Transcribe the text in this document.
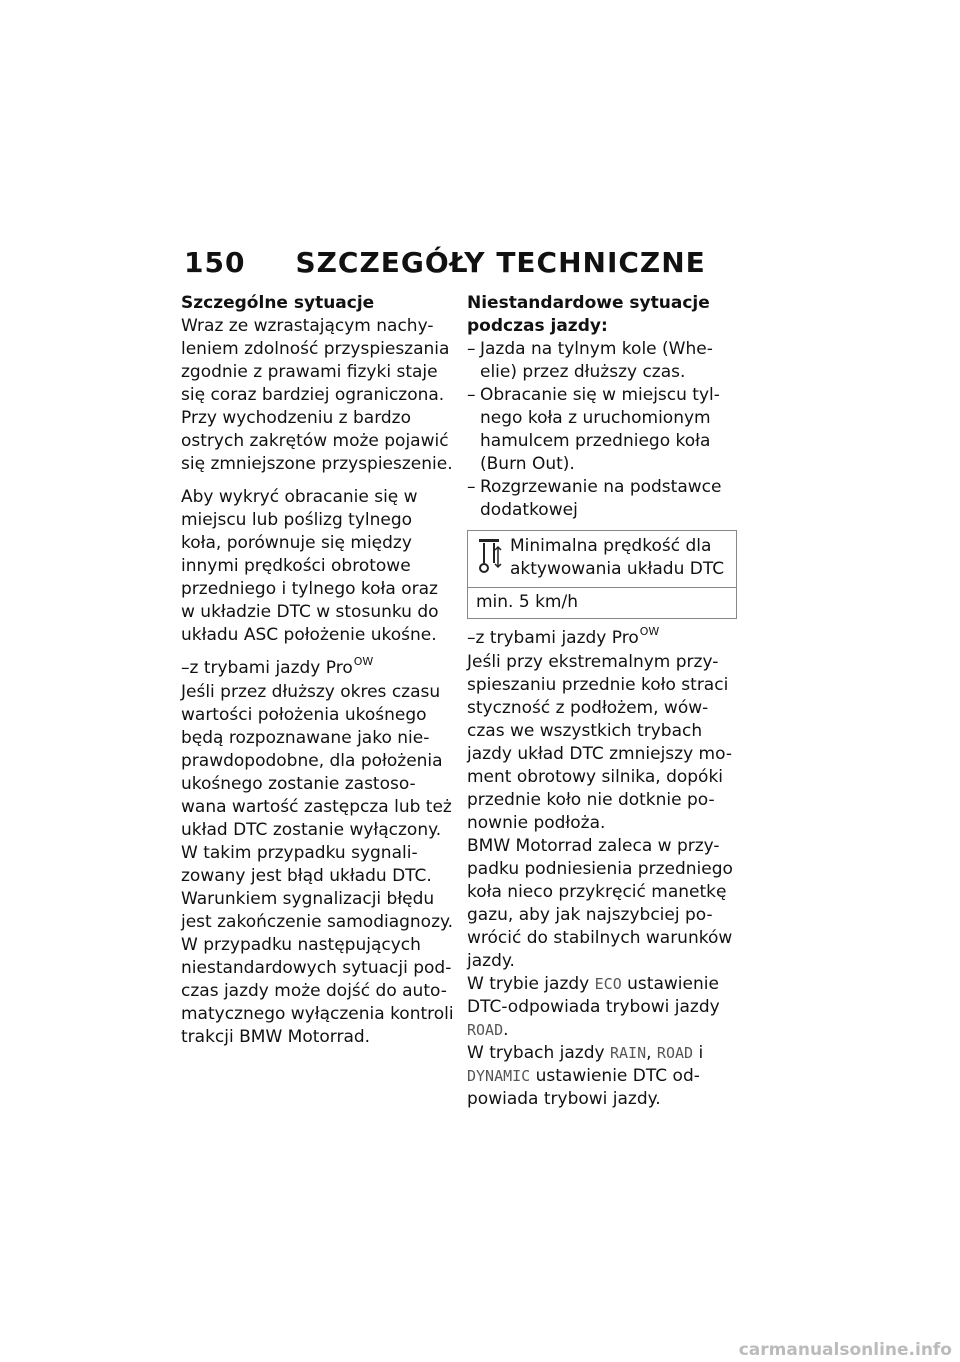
150 SZCZEGÓŁY TECHNICZNE

Szczególne sytuacje

Wraz ze wzrastającym nachy-leniem zdolność przyspieszania zgodnie z prawami fizyki staje się coraz bardziej ograniczona. Przy wychodzeniu z bardzo ostrych zakrętów może pojawić się zmniejszone przyspieszenie.

Aby wykryć obracanie się w miejscu lub poślizg tylnego koła, porównuje się między innymi prędkości obrotowe przedniego i tylnego koła oraz w układzie DTC w stosunku do układu ASC położenie ukośne.

–z trybami jazdy Pro$^{OW}$

Jeśli przez dłuższy okres czasu wartości położenia ukośnego będą rozpoznawane jako nie-prawdopodobne, dla położenia ukośnego zostanie zastoso-wana wartość zastępcza lub też układ DTC zostanie wyłączony. W takim przypadku sygnali-zowany jest błąd układu DTC. Warunkiem sygnalizacji błędu jest zakończenie samodiagnozy.

W przypadku następujących niestandardowych sytuacji pod-czas jazdy może dojść do auto-matycznego wyłączenia kontroli trakcji BMW Motorrad.

Niestandardowe sytuacje podczas jazdy:

– Jazda na tylnym kole (Whe-elie) przez dłuższy czas.
– Obracanie się w miejscu tyl-nego koła z uruchomionym hamulcem przedniego koła (Burn Out).
– Rozgrzewanie na podstawce dodatkowej
Minimalna prędkość dla aktywowania układu DTC
min. 5 km/h

–z trybami jazdy Pro$^{OW}$

Jeśli przy ekstremalnym przy-spieszaniu przednie koło straci styczność z podłożem, wów-czas we wszystkich trybach jazdy układ DTC zmniejszy mo-ment obrotowy silnika, dopóki przednie koło nie dotknie po-nownie podłoża.

BMW Motorrad zaleca w przy-padku podniesienia przedniego koła nieco przykręcić manetkę gazu, aby jak najszybciej po-wrócić do stabilnych warunków jazdy.

W trybie jazdy ECO ustawienie DTC-odpowiada trybowi jazdy ROAD.

W trybach jazdy RAIN, ROAD i DYNAMIC ustawienie DTC od-powiada trybowi jazdy.

carmanualsonline.info
